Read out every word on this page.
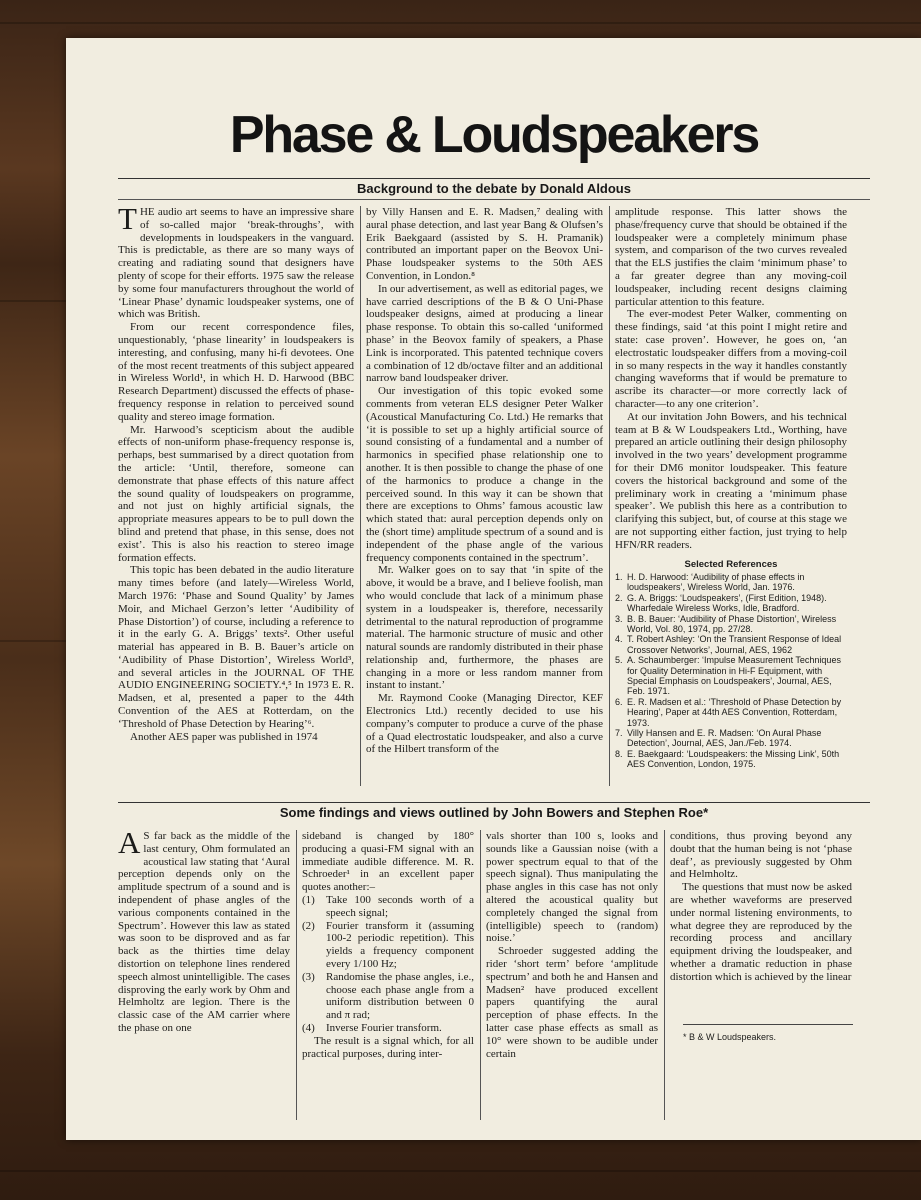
Phase & Loudspeakers
Background to the debate by Donald Aldous

THE audio art seems to have an impressive share of so-called major ‘break-throughs’, with developments in loudspeakers in the vanguard. This is predictable, as there are so many ways of creating and radiating sound that designers have plenty of scope for their efforts. 1975 saw the release by some four manufacturers throughout the world of ‘Linear Phase’ dynamic loudspeaker systems, one of which was British.

From our recent correspondence files, unquestionably, ‘phase linearity’ in loudspeakers is interesting, and confusing, many hi-fi devotees. One of the most recent treatments of this subject appeared in Wireless World¹, in which H. D. Harwood (BBC Research Department) discussed the effects of phase-frequency response in relation to perceived sound quality and stereo image formation.

Mr. Harwood’s scepticism about the audible effects of non-uniform phase-frequency response is, perhaps, best summarised by a direct quotation from the article: ‘Until, therefore, someone can demonstrate that phase effects of this nature affect the sound quality of loudspeakers on programme, and not just on highly artificial signals, the appropriate measures appears to be to pull down the blind and pretend that phase, in this sense, does not exist’. This is also his reaction to stereo image formation effects.

This topic has been debated in the audio literature many times before (and lately—Wireless World, March 1976: ‘Phase and Sound Quality’ by James Moir, and Michael Gerzon’s letter ‘Audibility of Phase Distortion’) of course, including a reference to it in the early G. A. Briggs’ texts². Other useful material has appeared in B. B. Bauer’s article on ‘Audibility of Phase Distortion’, Wireless World³, and several articles in the JOURNAL OF THE AUDIO ENGINEERING SOCIETY.⁴,⁵ In 1973 E. R. Madsen, et al, presented a paper to the 44th Convention of the AES at Rotterdam, on the ‘Threshold of Phase Detection by Hearing’⁶.

Another AES paper was published in 1974

by Villy Hansen and E. R. Madsen,⁷ dealing with aural phase detection, and last year Bang & Olufsen’s Erik Baekgaard (assisted by S. H. Pramanik) contributed an important paper on the Beovox Uni-Phase loudspeaker systems to the 50th AES Convention, in London.⁸

In our advertisement, as well as editorial pages, we have carried descriptions of the B & O Uni-Phase loudspeaker designs, aimed at producing a linear phase response. To obtain this so-called ‘uniformed phase’ in the Beovox family of speakers, a Phase Link is incorporated. This patented technique covers a combination of 12 db/octave filter and an additional narrow band loudspeaker driver.

Our investigation of this topic evoked some comments from veteran ELS designer Peter Walker (Acoustical Manufacturing Co. Ltd.) He remarks that ‘it is possible to set up a highly artificial source of sound consisting of a fundamental and a number of harmonics in specified phase relationship one to another. It is then possible to change the phase of one of the harmonics to produce a change in the perceived sound. In this way it can be shown that there are exceptions to Ohms’ famous acoustic law which stated that: aural perception depends only on the (short time) amplitude spectrum of a sound and is independent of the phase angle of the various frequency components contained in the spectrum’.

Mr. Walker goes on to say that ‘in spite of the above, it would be a brave, and I believe foolish, man who would conclude that lack of a minimum phase system in a loudspeaker is, therefore, necessarily detrimental to the natural reproduction of programme material. The harmonic structure of music and other natural sounds are randomly distributed in their phase relationship and, furthermore, the phases are changing in a more or less random manner from instant to instant.’

Mr. Raymond Cooke (Managing Director, KEF Electronics Ltd.) recently decided to use his company’s computer to produce a curve of the phase of a Quad electrostatic loudspeaker, and also a curve of the Hilbert transform of the

amplitude response. This latter shows the phase/frequency curve that should be obtained if the loudspeaker were a completely minimum phase system, and comparison of the two curves revealed that the ELS justifies the claim ‘minimum phase’ to a far greater degree than any moving-coil loudspeaker, including recent designs claiming particular attention to this feature.

The ever-modest Peter Walker, commenting on these findings, said ‘at this point I might retire and state: case proven’. However, he goes on, ‘an electrostatic loudspeaker differs from a moving-coil in so many respects in the way it handles constantly changing waveforms that if would be premature to ascribe its character—or more correctly lack of character—to any one criterion’.

At our invitation John Bowers, and his technical team at B & W Loudspeakers Ltd., Worthing, have prepared an article outlining their design philosophy involved in the two years’ development programme for their DM6 monitor loudspeaker. This feature covers the historical background and some of the preliminary work in creating a ‘minimum phase speaker’. We publish this here as a contribution to clarifying this subject, but, of course at this stage we are not supporting either faction, just trying to help HFN/RR readers.

Selected References
1. H. D. Harwood: ‘Audibility of phase effects in loudspeakers’, Wireless World, Jan. 1976.
2. G. A. Briggs: ‘Loudspeakers’, (First Edition, 1948). Wharfedale Wireless Works, Idle, Bradford.
3. B. B. Bauer: ‘Audibility of Phase Distortion’, Wireless World, Vol. 80, 1974, pp. 27/28.
4. T. Robert Ashley: ‘On the Transient Response of Ideal Crossover Networks’, Journal, AES, 1962
5. A. Schaumberger: ‘Impulse Measurement Techniques for Quality Determination in Hi-F Equipment, with Special Emphasis on Loudspeakers’, Journal, AES, Feb. 1971.
6. E. R. Madsen et al.: ‘Threshold of Phase Detection by Hearing’, Paper at 44th AES Convention, Rotterdam, 1973.
7. Villy Hansen and E. R. Madsen: ‘On Aural Phase Detection’, Journal, AES, Jan./Feb. 1974.
8. E. Baekgaard: ‘Loudspeakers: the Missing Link’, 50th AES Convention, London, 1975.
Some findings and views outlined by John Bowers and Stephen Roe*

A S far back as the middle of the last century, Ohm formulated an acoustical law stating that ‘Aural perception depends only on the amplitude spectrum of a sound and is independent of phase angles of the various components contained in the Spectrum’. However this law as stated was soon to be disproved and as far back as the thirties time delay distortion on telephone lines rendered speech almost unintelligible. The cases disproving the early work by Ohm and Helmholtz are legion. There is the classic case of the AM carrier where the phase on one

sideband is changed by 180° producing a quasi-FM signal with an immediate audible difference. M. R. Schroeder¹ in an excellent paper quotes another:–

(1)	Take 100 seconds worth of a speech signal;
(2)	Fourier transform it (assuming 100-2 periodic repetition). This yields a frequency component every 1/100 Hz;
(3)	Randomise the phase angles, i.e., choose each phase angle from a uniform distribution between 0 and π rad;
(4)	Inverse Fourier transform.

The result is a signal which, for all practical purposes, during inter-

vals shorter than 100 s, looks and sounds like a Gaussian noise (with a power spectrum equal to that of the speech signal). Thus manipulating the phase angles in this case has not only altered the acoustical quality but completely changed the signal from (intelligible) speech to (random) noise.’

Schroeder suggested adding the rider ‘short term’ before ‘amplitude spectrum’ and both he and Hansen and Madsen² have produced excellent papers quantifying the aural perception of phase effects. In the latter case phase effects as small as 10° were shown to be audible under certain

conditions, thus proving beyond any doubt that the human being is not ‘phase deaf’, as previously suggested by Ohm and Helmholtz.

The questions that must now be asked are whether waveforms are preserved under normal listening environments, to what degree they are reproduced by the recording process and ancillary equipment driving the loudspeaker, and whether a dramatic reduction in phase distortion which is achieved by the linear

* B & W Loudspeakers.
